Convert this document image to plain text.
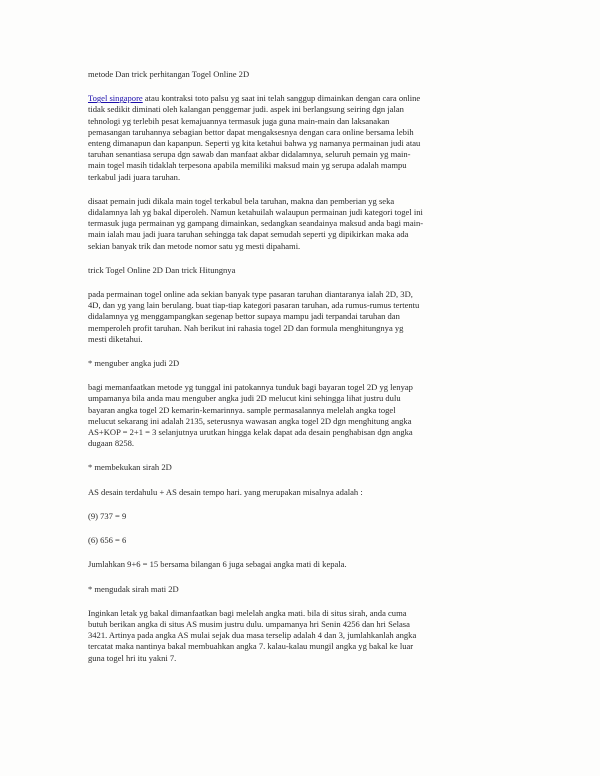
metode Dan trick perhitangan Togel Online 2D
Togel singapore atau kontraksi toto palsu yg saat ini telah sanggup dimainkan dengan cara online
tidak sedikit diminati oleh kalangan penggemar judi. aspek ini berlangsung seiring dgn jalan
tehnologi yg terlebih pesat kemajuannya termasuk juga guna main-main dan laksanakan
pemasangan taruhannya sebagian bettor dapat mengaksesnya dengan cara online bersama lebih
enteng dimanapun dan kapanpun. Seperti yg kita ketahui bahwa yg namanya permainan judi atau
taruhan senantiasa serupa dgn sawab dan manfaat akbar didalamnya, seluruh pemain yg main-
main togel masih tidaklah terpesona apabila memiliki maksud main yg serupa adalah mampu
terkabul jadi juara taruhan.
disaat pemain judi dikala main togel terkabul bela taruhan, makna dan pemberian yg seka
didalamnya lah yg bakal diperoleh. Namun ketahuilah walaupun permainan judi kategori togel ini
termasuk juga permainan yg gampang dimainkan, sedangkan seandainya maksud anda bagi main-
main ialah mau jadi juara taruhan sehingga tak dapat semudah seperti yg dipikirkan maka ada
sekian banyak trik dan metode nomor satu yg mesti dipahami.
trick Togel Online 2D Dan trick Hitungnya
pada permainan togel online ada sekian banyak type pasaran taruhan diantaranya ialah 2D, 3D,
4D, dan yg yang lain berulang. buat tiap-tiap kategori pasaran taruhan, ada rumus-rumus tertentu
didalamnya yg menggampangkan segenap bettor supaya mampu jadi terpandai taruhan dan
memperoleh profit taruhan. Nah berikut ini rahasia togel 2D dan formula menghitungnya yg
mesti diketahui.
* menguber angka judi 2D
bagi memanfaatkan metode yg tunggal ini patokannya tunduk bagi bayaran togel 2D yg lenyap
umpamanya bila anda mau menguber angka judi 2D melucut kini sehingga lihat justru dulu
bayaran angka togel 2D kemarin-kemarinnya. sample permasalannya melelah angka togel
melucut sekarang ini adalah 2135, seterusnya wawasan angka togel 2D dgn menghitung angka
AS+KOP = 2+1 = 3 selanjutnya urutkan hingga kelak dapat ada desain penghabisan dgn angka
dugaan 8258.
* membekukan sirah 2D
AS desain terdahulu + AS desain tempo hari. yang merupakan misalnya adalah :
(9) 737 = 9
(6) 656 = 6
Jumlahkan 9+6 = 15 bersama bilangan 6 juga sebagai angka mati di kepala.
* mengudak sirah mati 2D
Inginkan letak yg bakal dimanfaatkan bagi melelah angka mati. bila di situs sirah, anda cuma
butuh berikan angka di situs AS musim justru dulu. umpamanya hri Senin 4256 dan hri Selasa
3421. Artinya pada angka AS mulai sejak dua masa terselip adalah 4 dan 3, jumlahkanlah angka
tercatat maka nantinya bakal membuahkan angka 7. kalau-kalau mungil angka yg bakal ke luar
guna togel hri itu yakni 7.
